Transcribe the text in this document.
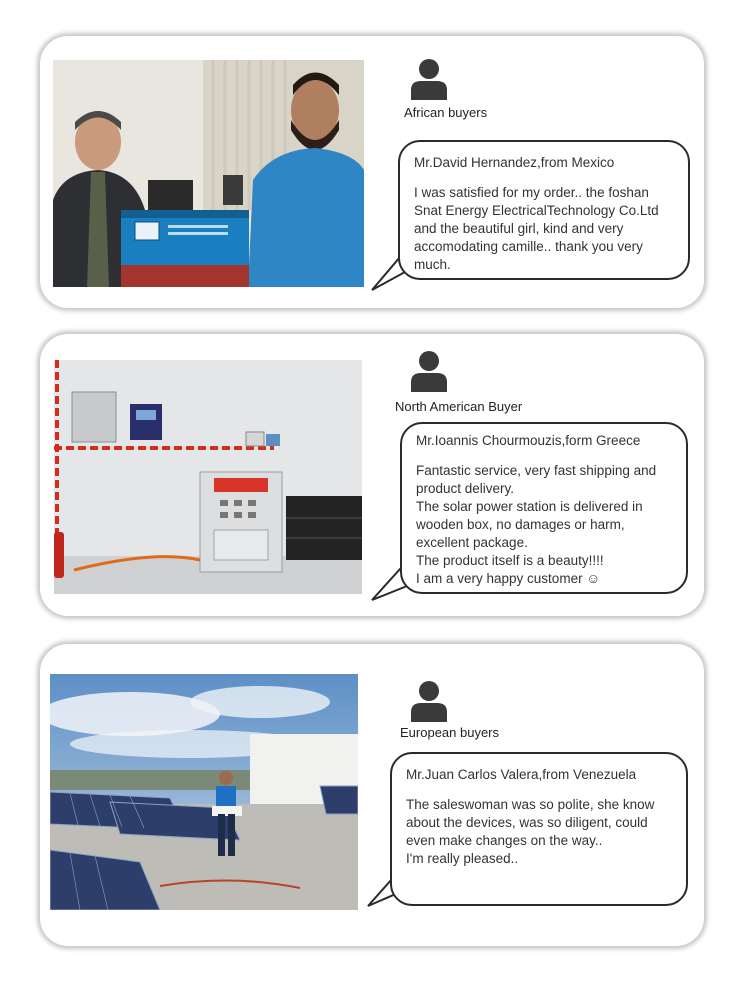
African buyers
Mr.David Hernandez,from Mexico
I was satisfied for my order.. the foshan Snat Energy ElectricalTechnology Co.Ltd and the beautiful girl, kind and very accomodating camille.. thank you very much.
North American Buyer
Mr.Ioannis Chourmouzis,form Greece
Fantastic service, very fast shipping and product delivery.
The solar power station is delivered in wooden box, no damages or harm, excellent package.
The product itself is a beauty!!!!
I am a very happy customer ☺
European buyers
Mr.Juan Carlos Valera,from Venezuela
The saleswoman was so polite, she know about the devices, was so diligent, could even make changes on the way..
I'm really pleased..
